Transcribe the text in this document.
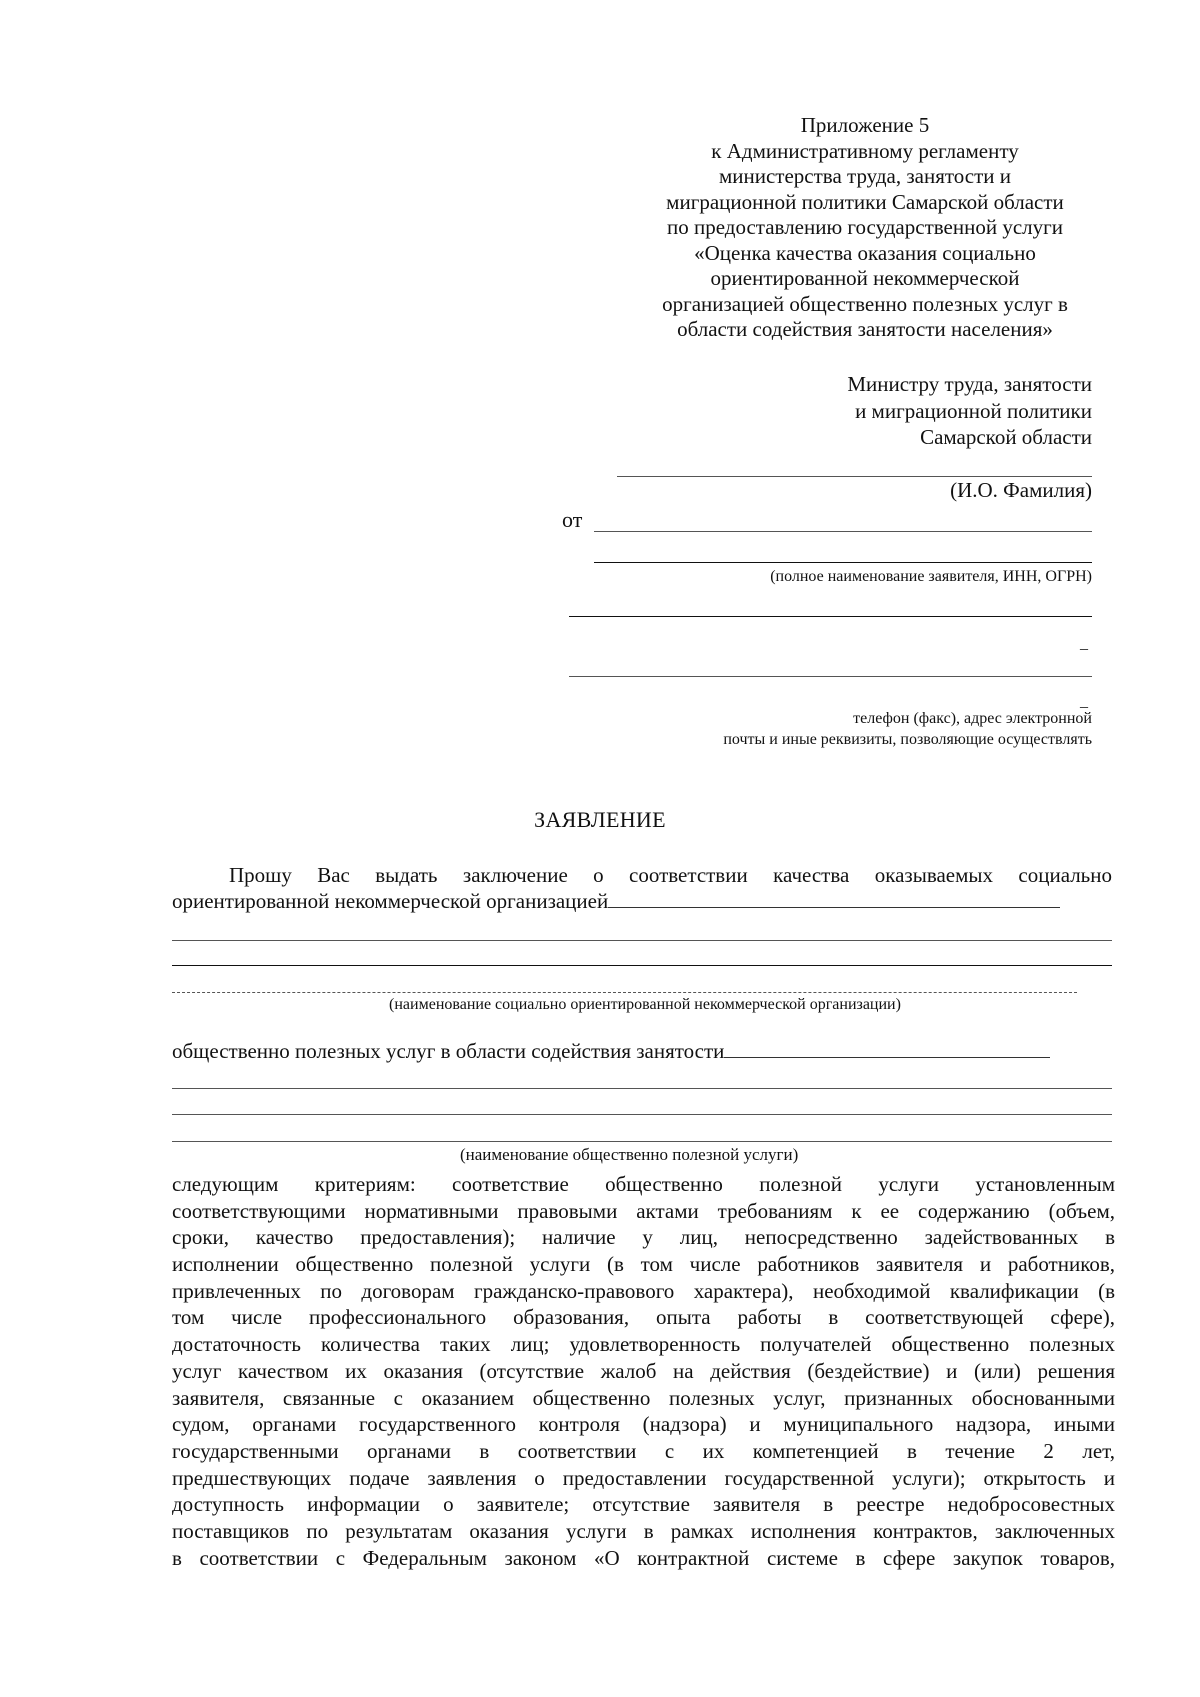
Приложение 5
к Административному регламенту
министерства труда, занятости и
миграционной политики Самарской области
по предоставлению государственной услуги
«Оценка качества оказания социально
ориентированной некоммерческой
организацией общественно полезных услуг в
области содействия занятости населения»
Министру труда, занятости
и миграционной политики
Самарской области
(И.О. Фамилия)
от
(полное наименование заявителя, ИНН, ОГРН)
_
_
телефон (факс), адрес электронной
почты и иные реквизиты, позволяющие осуществлять
ЗАЯВЛЕНИЕ
Прошу Вас выдать заключение о соответствии качества оказываемых социально
ориентированной некоммерческой организацией
(наименование социально ориентированной некоммерческой организации)
общественно полезных услуг в области содействия занятости
(наименование общественно полезной услуги)
следующим критериям: соответствие общественно полезной услуги установленным
соответствующими нормативными правовыми актами требованиям к ее содержанию (объем,
сроки, качество предоставления); наличие у лиц, непосредственно задействованных в
исполнении общественно полезной услуги (в том числе работников заявителя и работников,
привлеченных по договорам гражданско-правового характера), необходимой квалификации (в
том числе профессионального образования, опыта работы в соответствующей сфере),
достаточность количества таких лиц; удовлетворенность получателей общественно полезных
услуг качеством их оказания (отсутствие жалоб на действия (бездействие) и (или) решения
заявителя, связанные с оказанием общественно полезных услуг, признанных обоснованными
судом, органами государственного контроля (надзора) и муниципального надзора, иными
государственными органами в соответствии с их компетенцией в течение 2 лет,
предшествующих подаче заявления о предоставлении государственной услуги); открытость и
доступность информации о заявителе; отсутствие заявителя в реестре недобросовестных
поставщиков по результатам оказания услуги в рамках исполнения контрактов, заключенных
в соответствии с Федеральным законом «О контрактной системе в сфере закупок товаров,
